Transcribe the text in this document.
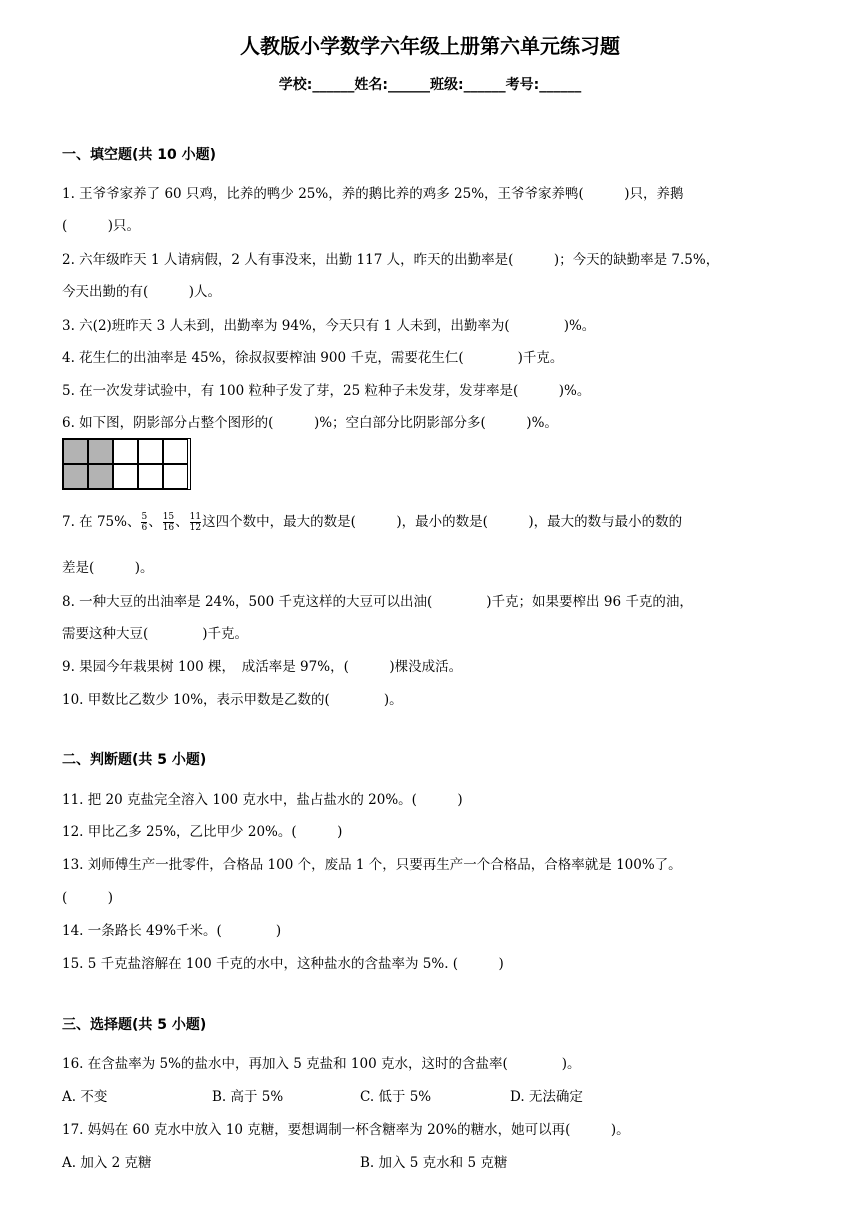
人教版小学数学六年级上册第六单元练习题
学校:______姓名:______班级:______考号:______
一、填空题(共 10 小题)
1. 王爷爷家养了 60 只鸡，比养的鸭少 25%，养的鹅比养的鸡多 25%，王爷爷家养鸭(　　　)只，养鹅
(　　　)只。
2. 六年级昨天 1 人请病假，2 人有事没来，出勤 117 人，昨天的出勤率是(　　　)；今天的缺勤率是 7.5%，
今天出勤的有(　　　)人。
3. 六(2)班昨天 3 人未到，出勤率为 94%，今天只有 1 人未到，出勤率为(　　　　)%。
4. 花生仁的出油率是 45%，徐叔叔要榨油 900 千克，需要花生仁(　　　　)千克。
5. 在一次发芽试验中，有 100 粒种子发了芽，25 粒种子未发芽，发芽率是(　　　)%。
6. 如下图，阴影部分占整个图形的(　　　)%；空白部分比阴影部分多(　　　)%。
7. 在 75%、 $\frac{5}{6}$ 、 $\frac{15}{16}$ 、 $\frac{11}{12}$ 这四个数中，最大的数是(　　　)，最小的数是(　　　)，最大的数与最小的数的
差是(　　　)。
8. 一种大豆的出油率是 24%，500 千克这样的大豆可以出油(　　　　)千克；如果要榨出 96 千克的油，
需要这种大豆(　　　　)千克。
9. 果园今年栽果树 100 棵，　成活率是 97%，(　　　)棵没成活。
10. 甲数比乙数少 10%，表示甲数是乙数的(　　　　)。
二、判断题(共 5 小题)
11. 把 20 克盐完全溶入 100 克水中，盐占盐水的 20%。(　　　)
12. 甲比乙多 25%，乙比甲少 20%。(　　　)
13. 刘师傅生产一批零件，合格品 100 个，废品 1 个，只要再生产一个合格品，合格率就是 100%了。
(　　　)
14. 一条路长 49%千米。(　　　　)
15. 5 千克盐溶解在 100 千克的水中，这种盐水的含盐率为 5%. (　　　)
三、选择题(共 5 小题)
16. 在含盐率为 5%的盐水中，再加入 5 克盐和 100 克水，这时的含盐率(　　　　)。
A. 不变	B. 高于 5%	C. 低于 5%	D. 无法确定
17. 妈妈在 60 克水中放入 10 克糖，要想调制一杯含糖率为 20%的糖水，她可以再(　　　)。
A. 加入 2 克糖	B. 加入 5 克水和 5 克糖
